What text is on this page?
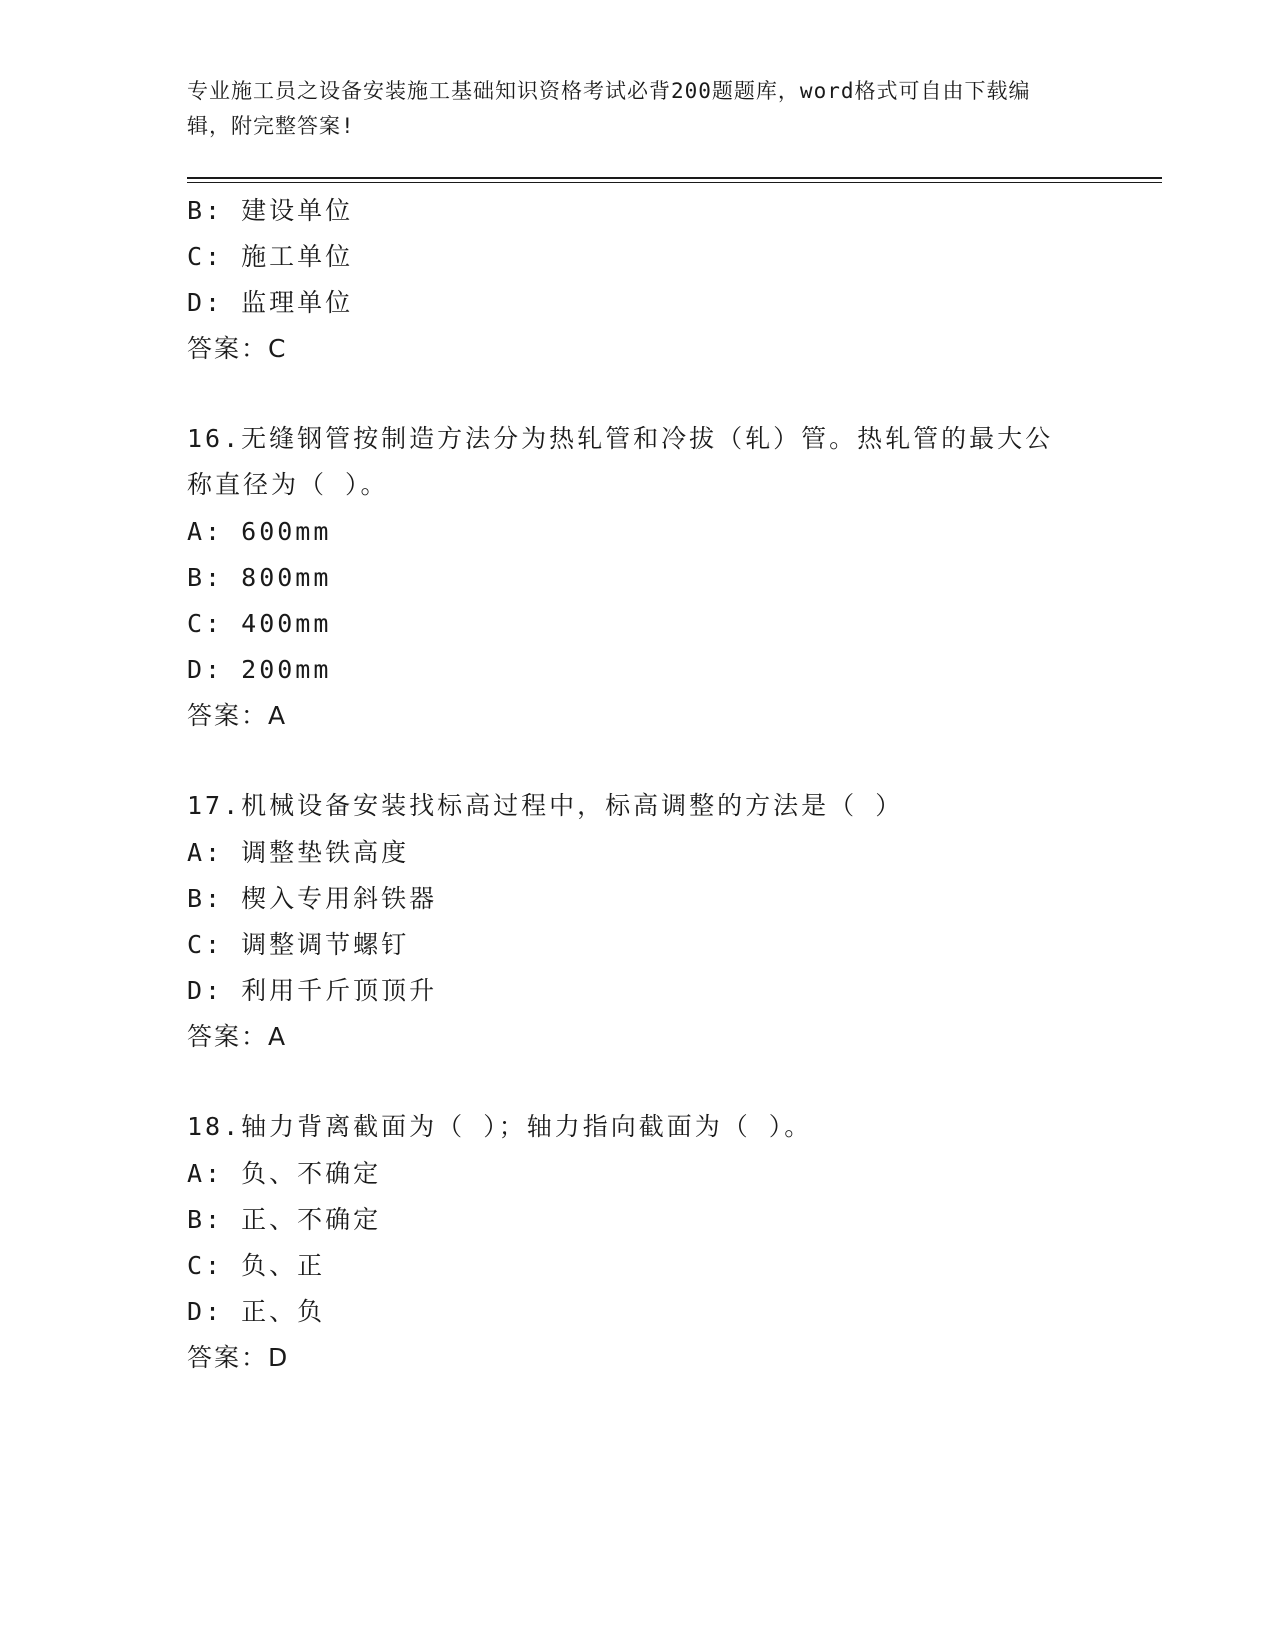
专业施工员之设备安装施工基础知识资格考试必背200题题库，word格式可自由下载编辑，附完整答案!
B: 建设单位
C: 施工单位
D: 监理单位
答案：C
16.无缝钢管按制造方法分为热轧管和冷拔（轧）管。热轧管的最大公
称直径为（ ）。
A: 600mm
B: 800mm
C: 400mm
D: 200mm
答案：A
17.机械设备安装找标高过程中，标高调整的方法是（ ）
A: 调整垫铁高度
B: 楔入专用斜铁器
C: 调整调节螺钉
D: 利用千斤顶顶升
答案：A
18.轴力背离截面为（ ）；轴力指向截面为（ ）。
A: 负、不确定
B: 正、不确定
C: 负、正
D: 正、负
答案：D
